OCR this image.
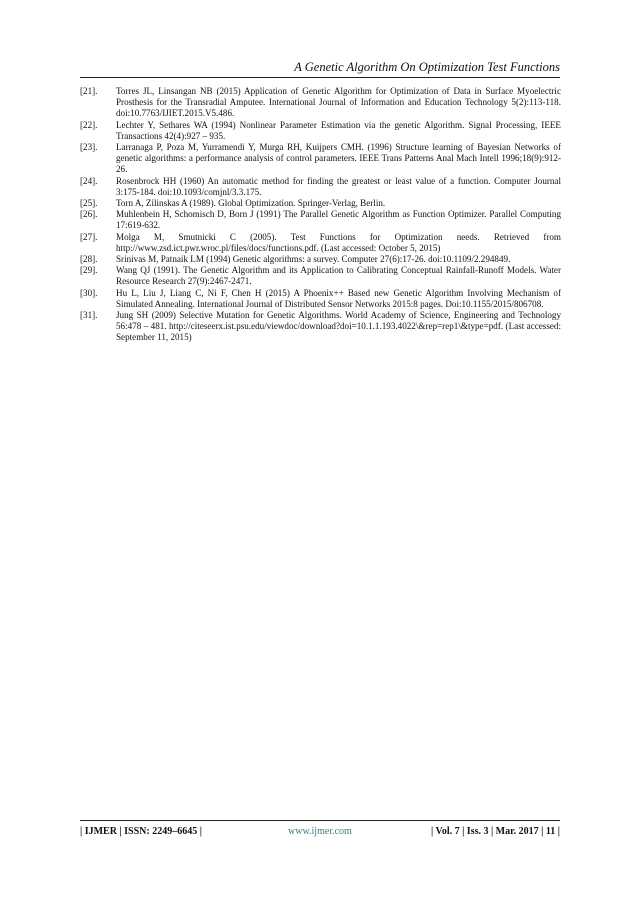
A Genetic Algorithm On Optimization Test Functions
[21].	Torres JL, Linsangan NB (2015) Application of Genetic Algorithm for Optimization of Data in Surface Myoelectric Prosthesis for the Transradial Amputee. International Journal of Information and Education Technology 5(2):113-118. doi:10.7763/IJIET.2015.V5.486.
[22].	Lechter Y, Sethares WA (1994) Nonlinear Parameter Estimation via the genetic Algorithm. Signal Processing, IEEE Transactions 42(4):927 – 935.
[23].	Larranaga P, Poza M, Yurramendi Y, Murga RH, Kuijpers CMH. (1996) Structure learning of Bayesian Networks of genetic algorithms: a performance analysis of control parameters. IEEE Trans Patterns Anal Mach Intell 1996;18(9):912-26.
[24].	Rosenbrock HH (1960) An automatic method for finding the greatest or least value of a function. Computer Journal 3:175-184. doi:10.1093/comjnl/3.3.175.
[25].	Torn A, Zilinskas A (1989). Global Optimization. Springer-Verlag, Berlin.
[26].	Muhlenbein H, Schomisch D, Born J (1991) The Parallel Genetic Algorithm as Function Optimizer. Parallel Computing 17:619-632.
[27].	Molga M, Smutnicki C (2005). Test Functions for Optimization needs. Retrieved from http://www.zsd.ict.pwr.wroc.pl/files/docs/functions.pdf. (Last accessed: October 5, 2015)
[28].	Srinivas M, Patnaik LM (1994) Genetic algorithms: a survey. Computer 27(6):17-26. doi:10.1109/2.294849.
[29].	Wang QJ (1991). The Genetic Algorithm and its Application to Calibrating Conceptual Rainfall-Runoff Models. Water Resource Research 27(9):2467-2471.
[30].	Hu L, Liu J, Liang C, Ni F, Chen H (2015) A Phoenix++ Based new Genetic Algorithm Involving Mechanism of Simulated Annealing. International Journal of Distributed Sensor Networks 2015:8 pages. Doi:10.1155/2015/806708.
[31].	Jung SH (2009) Selective Mutation for Genetic Algorithms. World Academy of Science, Engineering and Technology 56:478 – 481. http://citeseerx.ist.psu.edu/viewdoc/download?doi=10.1.1.193.4022\&rep=rep1\&type=pdf. (Last accessed: September 11, 2015)
| IJMER | ISSN: 2249–6645 |	www.ijmer.com	| Vol. 7 | Iss. 3 | Mar. 2017 | 11 |
